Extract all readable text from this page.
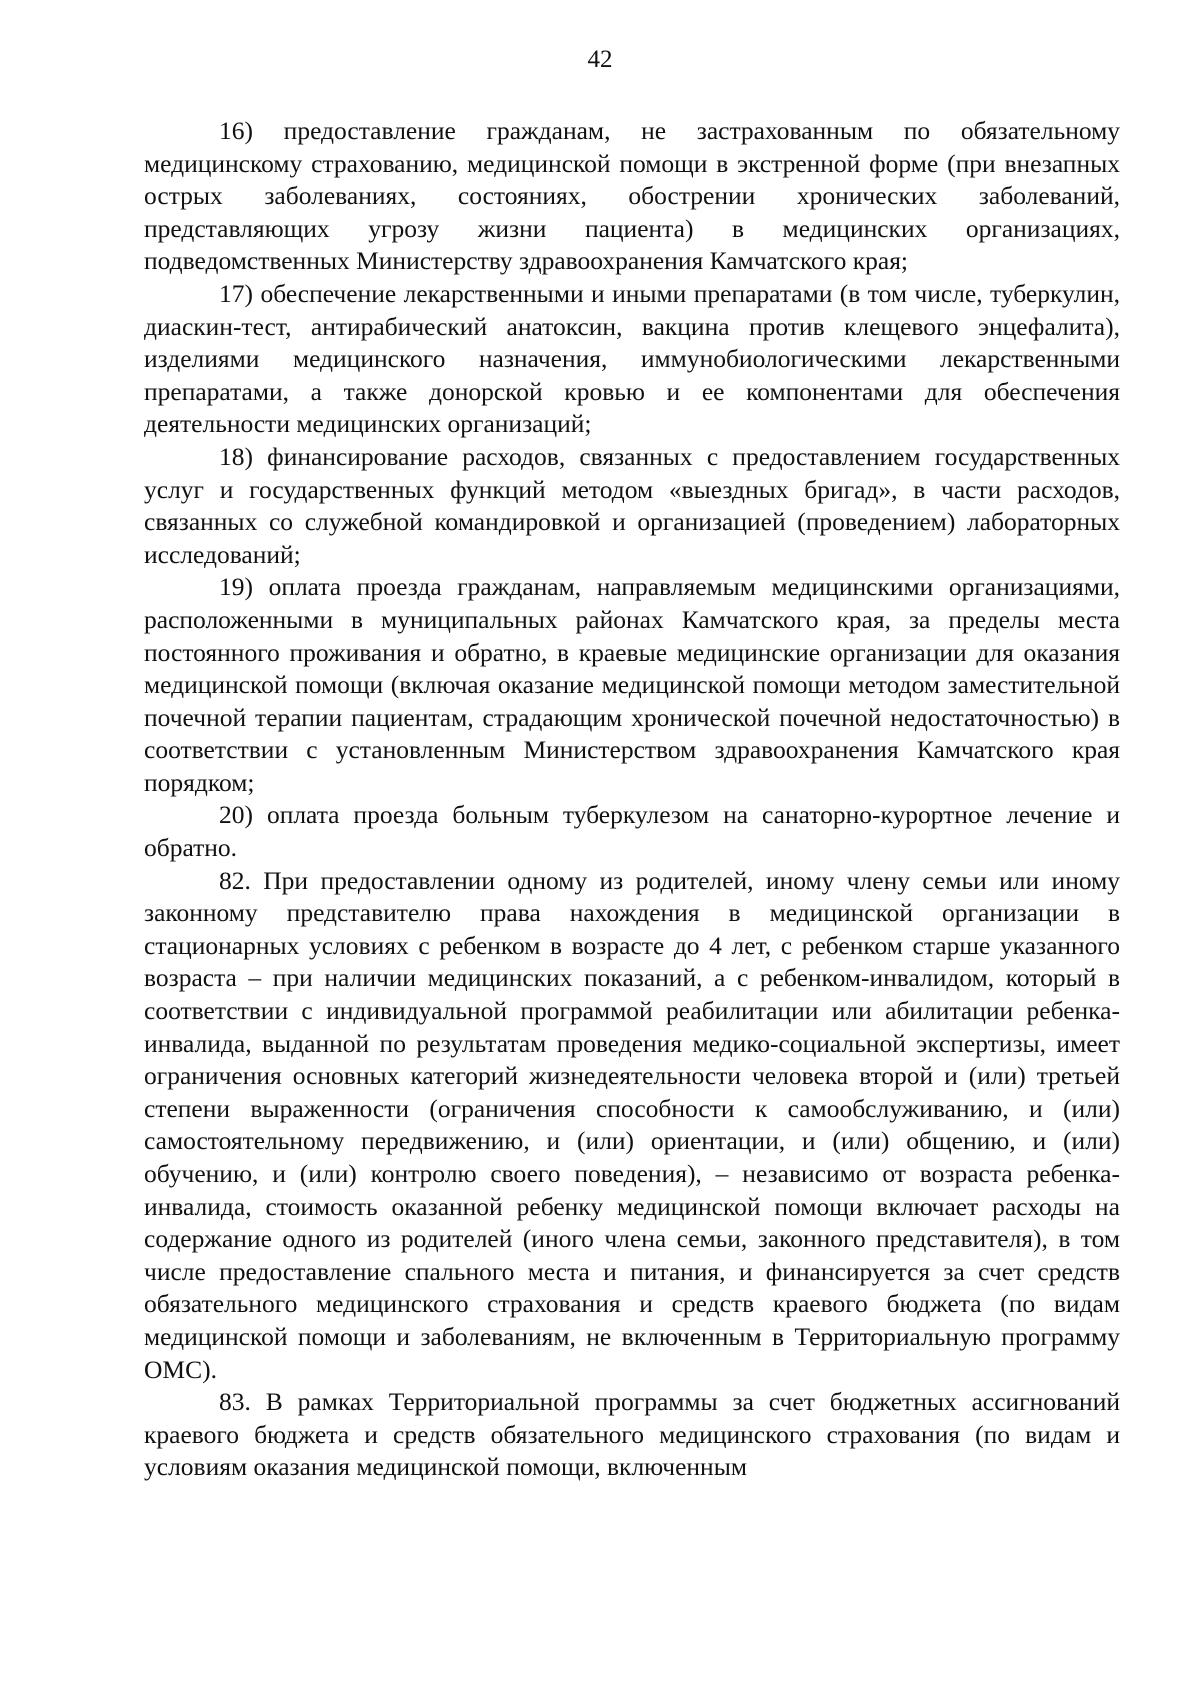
42

16) предоставление гражданам, не застрахованным по обязательному медицинскому страхованию, медицинской помощи в экстренной форме (при внезапных острых заболеваниях, состояниях, обострении хронических заболеваний, представляющих угрозу жизни пациента) в медицинских организациях, подведомственных Министерству здравоохранения Камчатского края;

17) обеспечение лекарственными и иными препаратами (в том числе, туберкулин, диаскин-тест, антирабический анатоксин, вакцина против клещевого энцефалита), изделиями медицинского назначения, иммунобиологическими лекарственными препаратами, а также донорской кровью и ее компонентами для обеспечения деятельности медицинских организаций;

18) финансирование расходов, связанных с предоставлением государственных услуг и государственных функций методом «выездных бригад», в части расходов, связанных со служебной командировкой и организацией (проведением) лабораторных исследований;

19) оплата проезда гражданам, направляемым медицинскими организациями, расположенными в муниципальных районах Камчатского края, за пределы места постоянного проживания и обратно, в краевые медицинские организации для оказания медицинской помощи (включая оказание медицинской помощи методом заместительной почечной терапии пациентам, страдающим хронической почечной недостаточностью) в соответствии с установленным Министерством здравоохранения Камчатского края порядком;

20) оплата проезда больным туберкулезом на санаторно-курортное лечение и обратно.

82. При предоставлении одному из родителей, иному члену семьи или иному законному представителю права нахождения в медицинской организации в стационарных условиях с ребенком в возрасте до 4 лет, с ребенком старше указанного возраста – при наличии медицинских показаний, а с ребенком-инвалидом, который в соответствии с индивидуальной программой реабилитации или абилитации ребенка-инвалида, выданной по результатам проведения медико-социальной экспертизы, имеет ограничения основных категорий жизнедеятельности человека второй и (или) третьей степени выраженности (ограничения способности к самообслуживанию, и (или) самостоятельному передвижению, и (или) ориентации, и (или) общению, и (или) обучению, и (или) контролю своего поведения), – независимо от возраста ребенка-инвалида, стоимость оказанной ребенку медицинской помощи включает расходы на содержание одного из родителей (иного члена семьи, законного представителя), в том числе предоставление спального места и питания, и финансируется за счет средств обязательного медицинского страхования и средств краевого бюджета (по видам медицинской помощи и заболеваниям, не включенным в Территориальную программу ОМС).

83. В рамках Территориальной программы за счет бюджетных ассигнований краевого бюджета и средств обязательного медицинского страхования (по видам и условиям оказания медицинской помощи, включенным
